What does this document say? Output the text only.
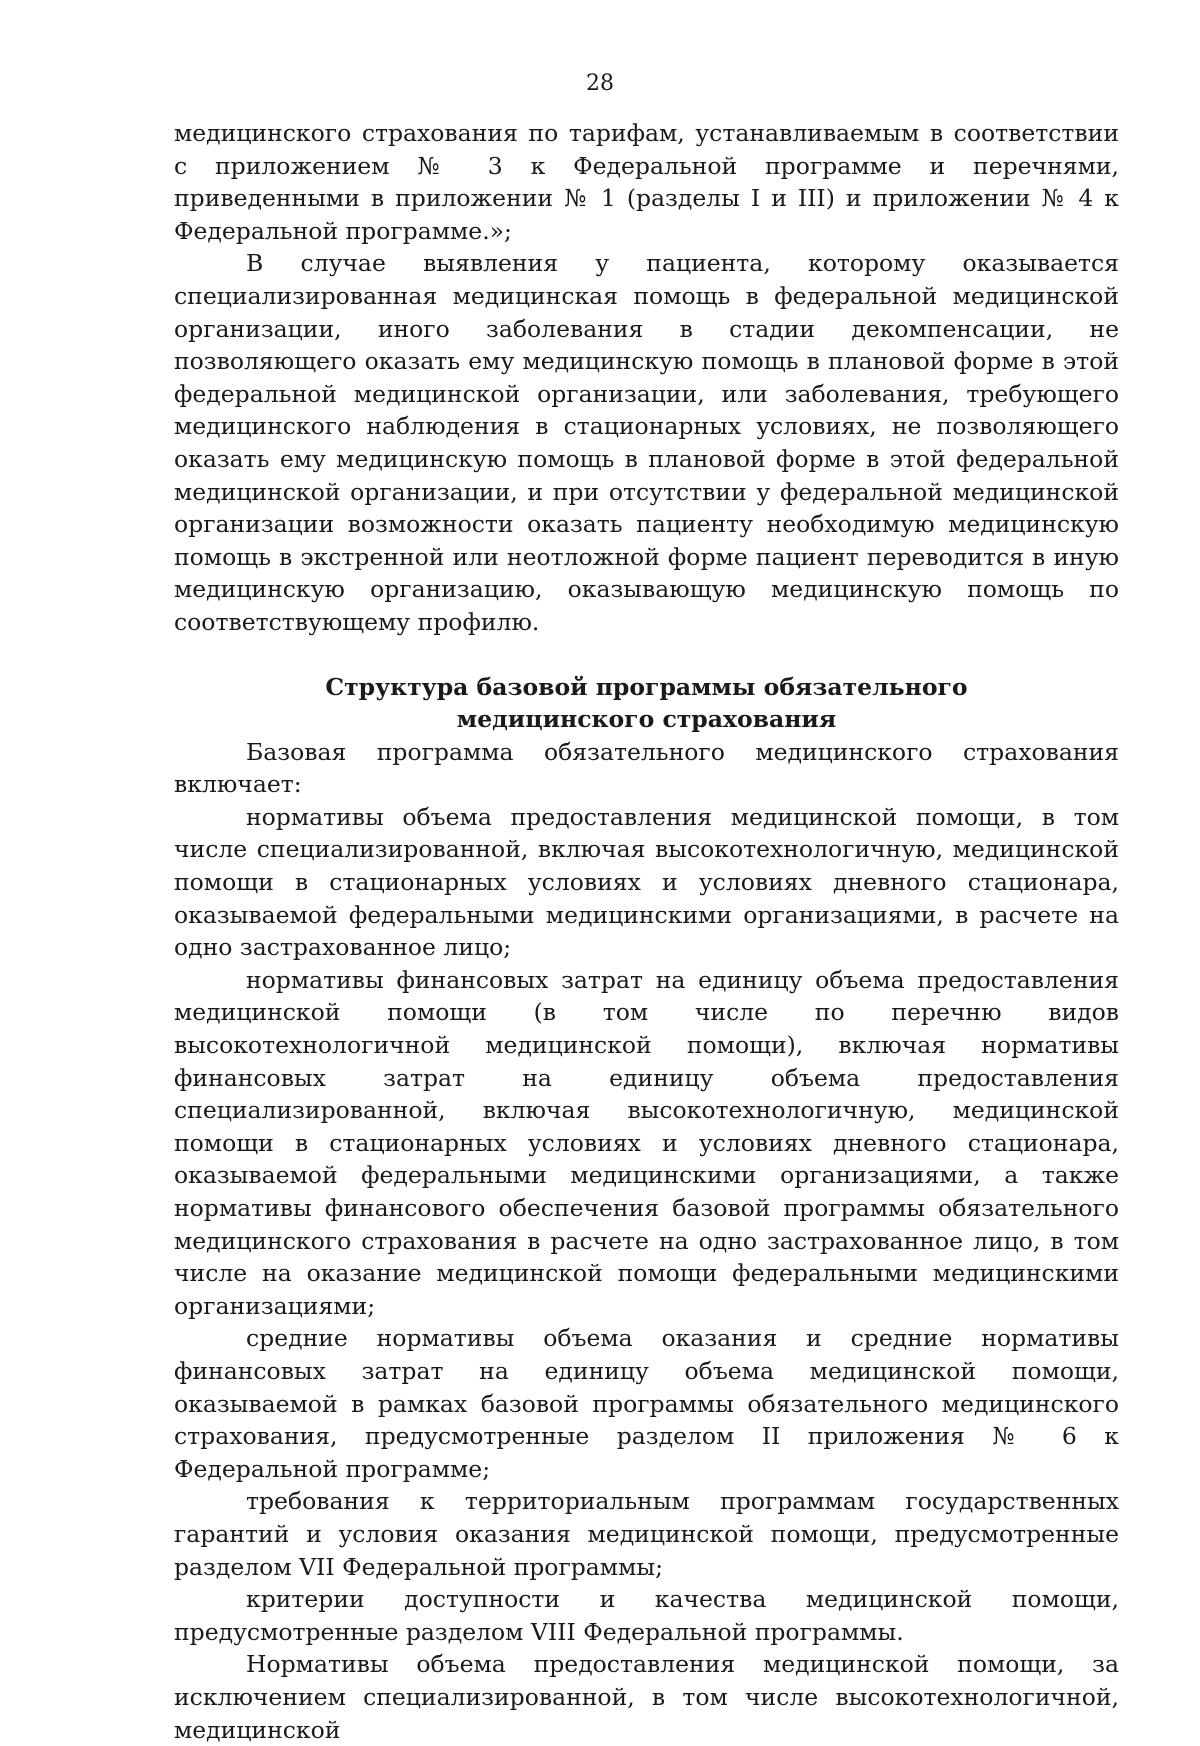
28

медицинского страхования по тарифам, устанавливаемым в соответствии с приложением № 3 к Федеральной программе и перечнями, приведенными в приложении № 1 (разделы I и III) и приложении № 4 к Федеральной программе.»;

В случае выявления у пациента, которому оказывается специализированная медицинская помощь в федеральной медицинской организации, иного заболевания в стадии декомпенсации, не позволяющего оказать ему медицинскую помощь в плановой форме в этой федеральной медицинской организации, или заболевания, требующего медицинского наблюдения в стационарных условиях, не позволяющего оказать ему медицинскую помощь в плановой форме в этой федеральной медицинской организации, и при отсутствии у федеральной медицинской организации возможности оказать пациенту необходимую медицинскую помощь в экстренной или неотложной форме пациент переводится в иную медицинскую организацию, оказывающую медицинскую помощь по соответствующему профилю.

Структура базовой программы обязательного
медицинского страхования

Базовая программа обязательного медицинского страхования включает:

нормативы объема предоставления медицинской помощи, в том числе специализированной, включая высокотехнологичную, медицинской помощи в стационарных условиях и условиях дневного стационара, оказываемой федеральными медицинскими организациями, в расчете на одно застрахованное лицо;

нормативы финансовых затрат на единицу объема предоставления медицинской помощи (в том числе по перечню видов высокотехнологичной медицинской помощи), включая нормативы финансовых затрат на единицу объема предоставления специализированной, включая высокотехнологичную, медицинской помощи в стационарных условиях и условиях дневного стационара, оказываемой федеральными медицинскими организациями, а также нормативы финансового обеспечения базовой программы обязательного медицинского страхования в расчете на одно застрахованное лицо, в том числе на оказание медицинской помощи федеральными медицинскими организациями;

средние нормативы объема оказания и средние нормативы финансовых затрат на единицу объема медицинской помощи, оказываемой в рамках базовой программы обязательного медицинского страхования, предусмотренные разделом II приложения № 6 к Федеральной программе;

требования к территориальным программам государственных гарантий и условия оказания медицинской помощи, предусмотренные разделом VII Федеральной программы;

критерии доступности и качества медицинской помощи, предусмотренные разделом VIII Федеральной программы.

Нормативы объема предоставления медицинской помощи, за исключением специализированной, в том числе высокотехнологичной, медицинской
